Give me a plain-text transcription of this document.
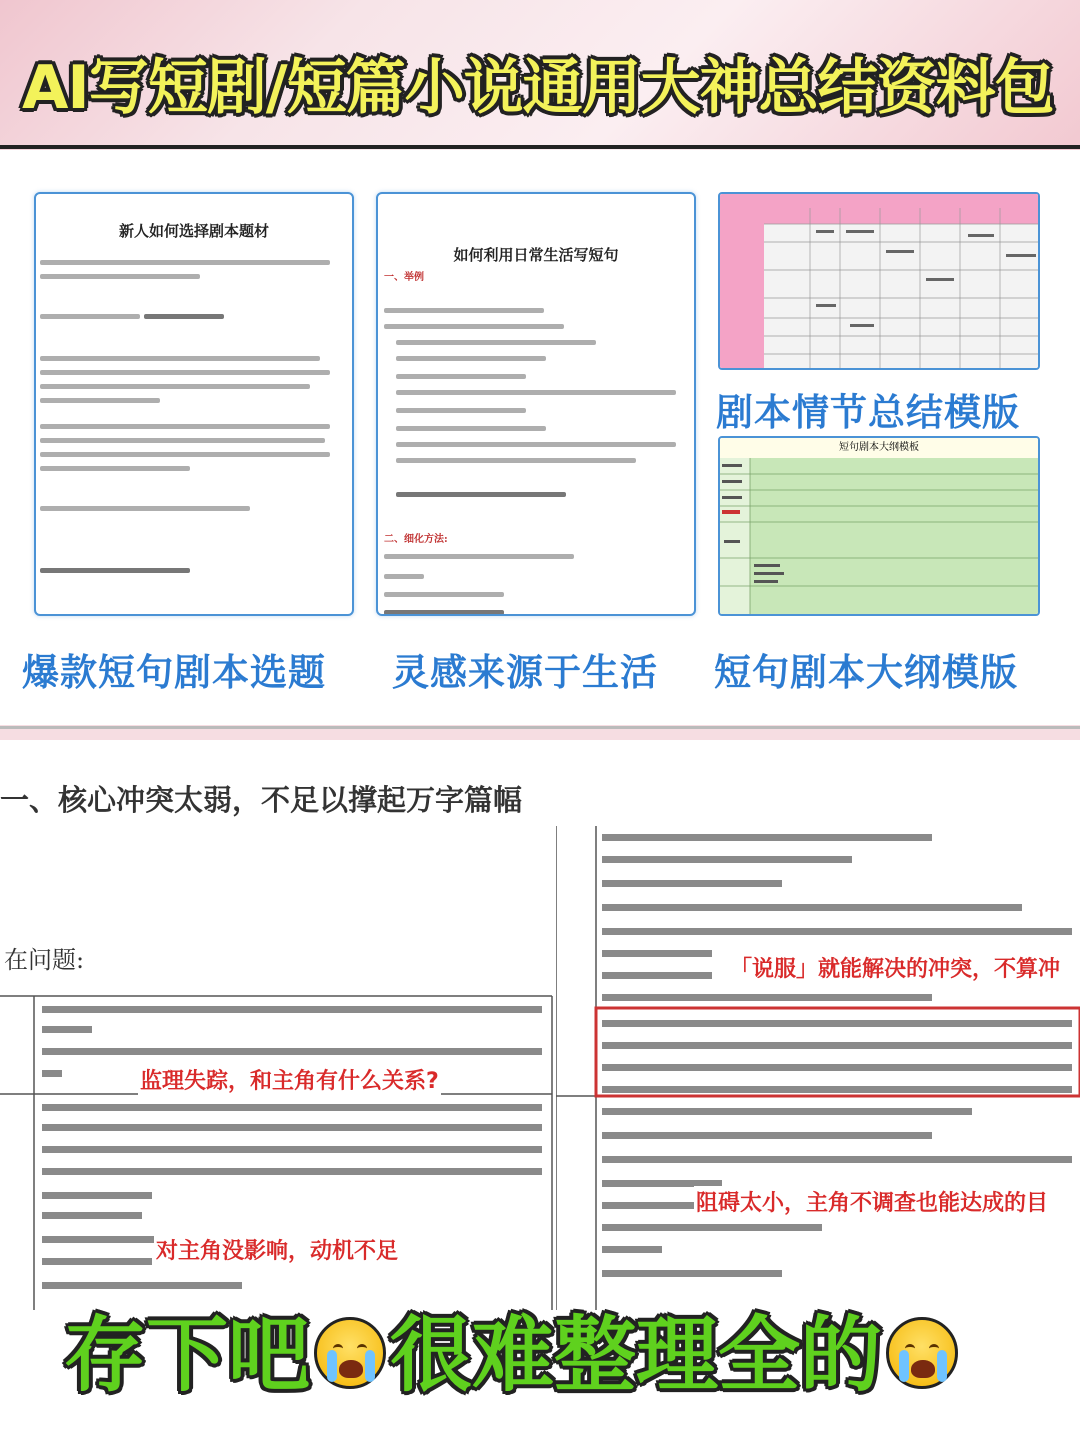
AI写短剧/短篇小说通用大神总结资料包
新人如何选择剧本题材
如何利用日常生活写短句
一、举例
二、细化方法:
剧本情节总结模版
短句剧本大纲模板
爆款短句剧本选题 灵感来源于生活 短句剧本大纲模版
一、核心冲突太弱，不足以撑起万字篇幅
在问题:
监理失踪，和主角有什么关系?
对主角没影响，动机不足
「说服」就能解决的冲突，不算冲
阻碍太小，主角不调查也能达成的目
存下吧 很难整理全的
